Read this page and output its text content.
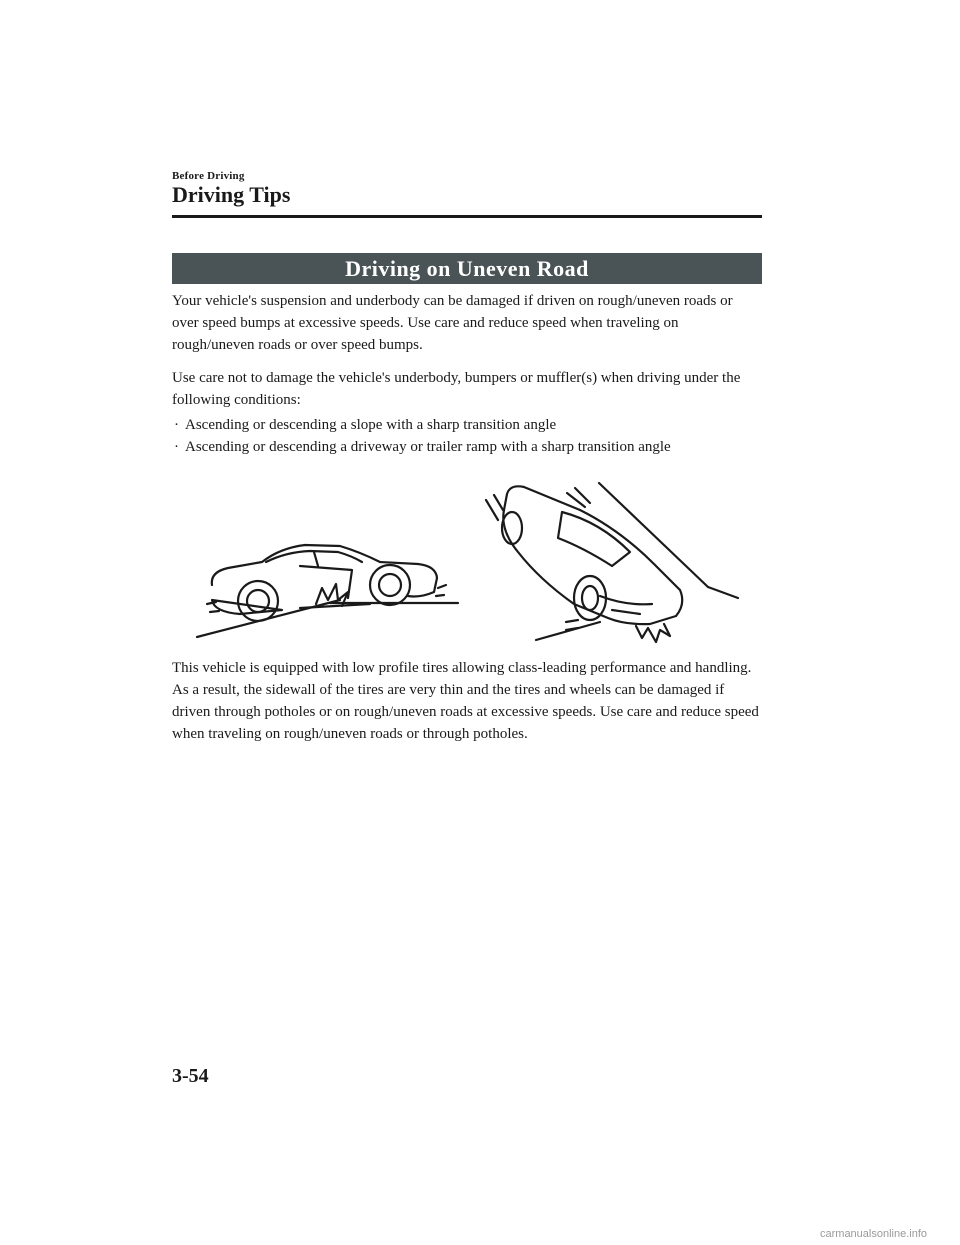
Before Driving
Driving Tips
Driving on Uneven Road

Your vehicle's suspension and underbody can be damaged if driven on rough/uneven roads or over speed bumps at excessive speeds. Use care and reduce speed when traveling on rough/uneven roads or over speed bumps.

Use care not to damage the vehicle's underbody, bumpers or muffler(s) when driving under the following conditions:

· Ascending or descending a slope with a sharp transition angle
· Ascending or descending a driveway or trailer ramp with a sharp transition angle

This vehicle is equipped with low profile tires allowing class-leading performance and handling. As a result, the sidewall of the tires are very thin and the tires and wheels can be damaged if driven through potholes or on rough/uneven roads at excessive speeds. Use care and reduce speed when traveling on rough/uneven roads or through potholes.

3-54
carmanualsonline.info
